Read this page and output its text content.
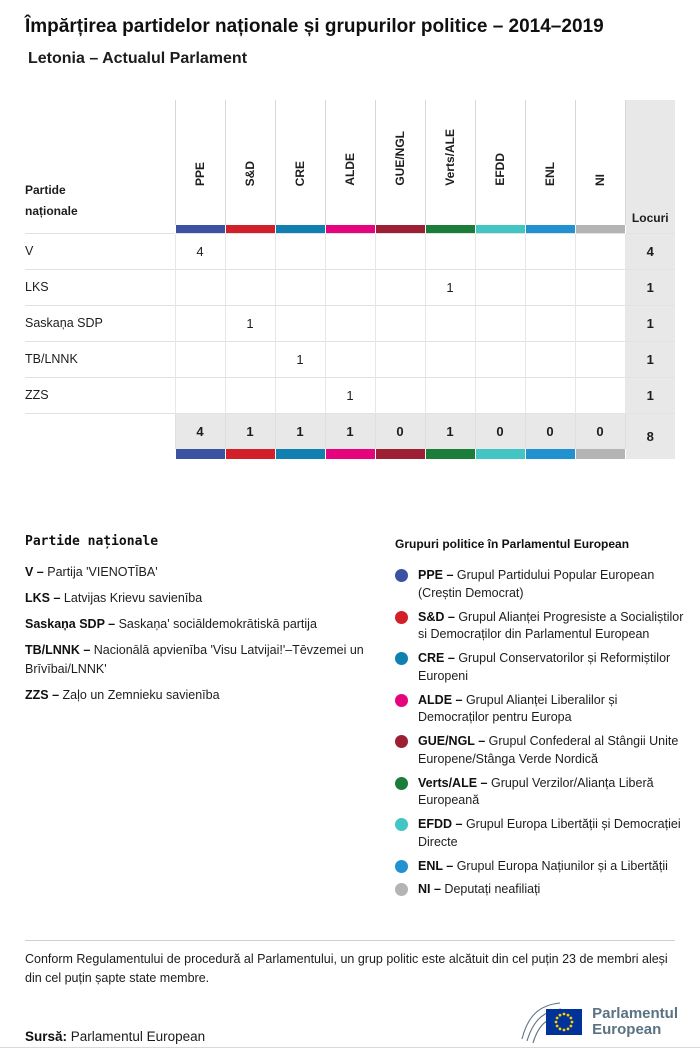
Împărțirea partidelor naționale și grupurilor politice – 2014–2019
Letonia – Actualul Parlament
Partide naționale	PPE	S&D	CRE	ALDE	GUE/NGL	Verts/ALE	EFDD	ENL	NI	Locuri

V	4									4
LKS						1				1
Saskaņa SDP		1								1
TB/LNNK			1							1
ZZS				1						1
	4	1	1	1	0	1	0	0	0	8

Partide naționale
V – Partija 'VIENOTĪBA'
LKS – Latvijas Krievu savienība
Saskaņa SDP – Saskaņa' sociāldemokrātiskā partija
TB/LNNK – Nacionālā apvienība 'Visu Latvijai!'–Tēvzemei un Brīvībai/LNNK'
ZZS – Zaļo un Zemnieku savienība
Grupuri politice în Parlamentul European
PPE – Grupul Partidului Popular European (Creștin Democrat)
S&D – Grupul Alianței Progresiste a Socialiștilor si Democraților din Parlamentul European
CRE – Grupul Conservatorilor și Reformiștilor Europeni
ALDE – Grupul Alianței Liberalilor și Democraților pentru Europa
GUE/NGL – Grupul Confederal al Stângii Unite Europene/Stânga Verde Nordică
Verts/ALE – Grupul Verzilor/Alianța Liberă Europeană
EFDD – Grupul Europa Libertății și Democrației Directe
ENL – Grupul Europa Națiunilor și a Libertății
NI – Deputați neafiliați

Conform Regulamentului de procedură al Parlamentului, un grup politic este alcătuit din cel puțin 23 de membri aleși din cel puțin șapte state membre.

Sursă: Parlamentul European

Parlamentul
European
